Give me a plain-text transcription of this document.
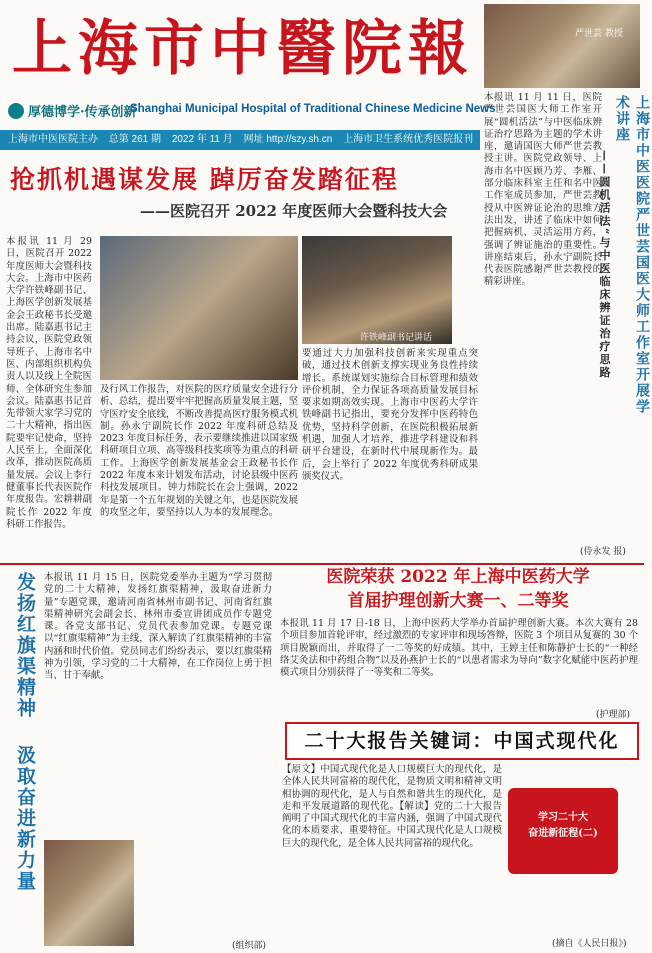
上海市中醫院報
厚德博学·传承创新
Shanghai Municipal Hospital of Traditional Chinese Medicine News
上海市中医医院主办 总第 261 期 2022 年 11 月 网址 http://szy.sh.cn 上海市卫生系统优秀医院报刊
严世芸 教授
本报讯 11 月 11 日，医院严世芸国医大师工作室开展“圆机活法”与中医临床辨证治疗思路为主题的学术讲座，邀请国医大师严世芸教授主讲。医院党政领导、上海市名中医顾乃芳、李雁、部分临床科室主任和名中医工作室成员参加，严世芸教授从中医辨证论治的思维方法出发，讲述了临床中如何把握病机、灵活运用方药，强调了辨证施治的重要性。讲座结束后，孙永宁副院长代表医院感谢严世芸教授的精彩讲座。	上海市中医医院严世芸国医大师工作室开展学术讲座
——圆机活法“与中医临床辨证治疗思路
(侍永发 报)
抢抓机遇谋发展 踔厉奋发踏征程
——医院召开 2022 年度医师大会暨科技大会
本报讯 11 月 29 日，医院召开 2022 年度医师大会暨科技大会。上海市中医药大学许铁峰副书记、上海医学创新发展基金会王政秘书长受邀出席。陆嘉惠书记主持会议，医院党政领导班子、上海市名中医、内部组织机构负责人以及线上全院医师、全体研究生参加会议。陆嘉惠书记首先带领大家学习党的二十大精神，指出医院要牢记使命，坚持人民至上，全面深化改革，推动医院高质量发展。会议上李行健董事长代表医院作年度报告。宏耕耕副院长作 2022 年度科研工作报告。
许铁峰副书记讲话
及行风工作报告，对医院的医疗质量安全进行分析、总结，提出要牢牢把握高质量发展主题，坚守医疗安全底线，不断改善提高医疗服务模式机制。孙永宁副院长作 2022 年度科研总结及 2023 年度目标任务，表示要继续推进以国家级科研项目立项、高等级科技奖项等为重点的科研工作。上海医学创新发展基金会王政秘书长作 2022 年度本来计划发布活动，讨论县级中医药科技发展项目。钟力炜院长在会上强调，2022 年是第一个五年规划的关键之年，也是医院发展的攻坚之年，要坚持以人为本的发展理念。
要通过大力加强科技创新来实现重点突破，通过技术创新支撑实现业务良性持续增长。系统谋划实施综合目标管理和绩效评价机制，全力保证各项高质量发展目标要求如期高效实现。上海市中医药大学许铁峰副书记指出，要充分发挥中医药特色优势，坚持科学创新，在医院积极拓展新机遇，加强人才培养，推进学科建设和科研平台建设，在新时代中展现新作为。最后，会上举行了 2022 年度优秀科研成果颁奖仪式。
发扬红旗渠精神
汲取奋进新力量
本报讯 11 月 15 日，医院党委举办主题为“学习贯彻党的二十大精神，发扬红旗渠精神，汲取奋进新力量”专题党课，邀请河南省林州市副书记、河南省红旗渠精神研究会副会长、林州市委宣讲团成员作专题党课。各党支部书记、党员代表参加党课。专题党课以“红旗渠精神”为主线，深入解读了红旗渠精神的丰富内涵和时代价值。党员同志们纷纷表示，要以红旗渠精神为引领，学习党的二十大精神，在工作岗位上勇于担当、甘于奉献。
(组织部)
医院荣获 2022 年上海中医药大学
首届护理创新大赛一、二等奖
本报讯 11 月 17 日-18 日，上海中医药大学举办首届护理创新大赛。本次大赛有 28 个项目参加首轮评审，经过激烈的专家评审和现场答辩，医院 3 个项目从复赛的 30 个项目脱颖而出，并取得了一二等奖的好成绩。其中，王婷主任和陈静护士长的“一种经络艾灸法和中药组合物”以及孙燕护士长的“以患者需求为导向”数字化赋能中医药护理模式项目分别获得了一等奖和二等奖。
(护理部)
二十大报告关键词：中国式现代化
【原文】中国式现代化是人口规模巨大的现代化，是全体人民共同富裕的现代化，是物质文明和精神文明相协调的现代化，是人与自然和谐共生的现代化，是走和平发展道路的现代化。【解读】党的二十大报告阐明了中国式现代化的丰富内涵，强调了中国式现代化的本质要求、重要特征。中国式现代化是人口规模巨大的现代化，是全体人民共同富裕的现代化。
学习二十大
奋进新征程(二)
(摘自《人民日报》)
